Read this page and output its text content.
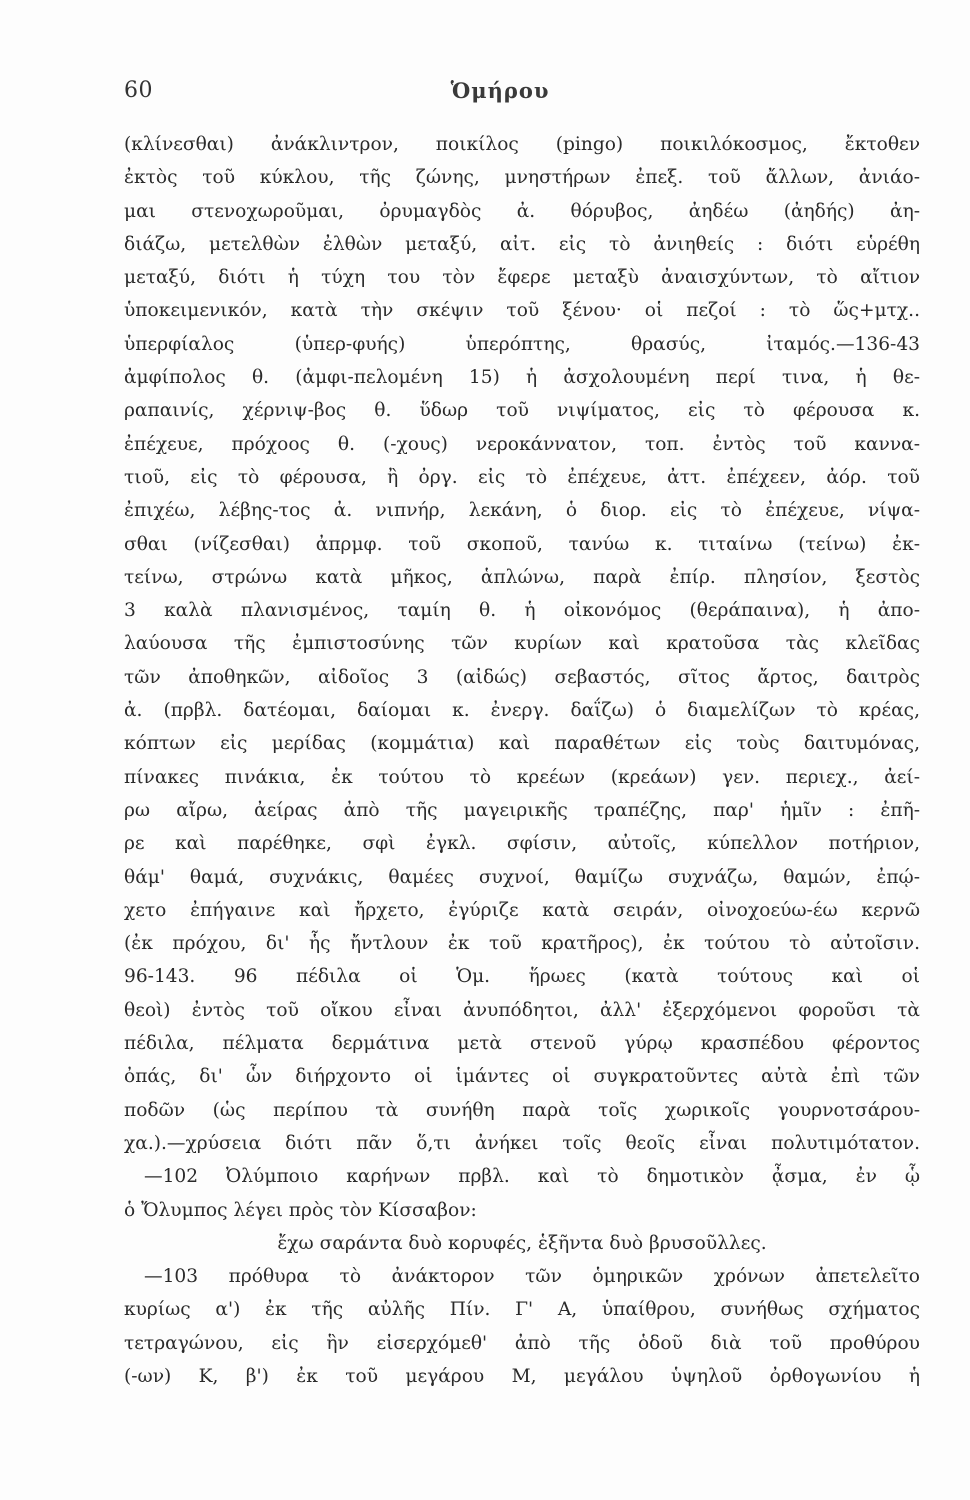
60	Ὁμήρου
(κλίνεσθαι) ἀνάκλιντρον, ποικίλος (pingo) ποικιλόκοσμος, ἔκτοθεν
ἐκτὸς τοῦ κύκλου, τῆς ζώνης, μνηστήρων ἐπεξ. τοῦ ἄλλων, ἀνιάο-
μαι στενοχωροῦμαι, ὀρυμαγδὸς ἀ. θόρυβος, ἀηδέω (ἀηδής) ἀη-
διάζω, μετελθὼν ἐλθὼν μεταξύ, αἰτ. εἰς τὸ ἀνιηθείς : διότι εὑρέθη
μεταξύ, διότι ἡ τύχη του τὸν ἔφερε μεταξὺ ἀναισχύντων, τὸ αἴτιον
ὑποκειμενικόν, κατὰ τὴν σκέψιν τοῦ ξένου· οἱ πεζοί : τὸ ὥς+μτχ..
ὑπερφίαλος (ὑπερ-φυής) ὑπερόπτης, θρασύς, ἰταμός.—136-43
ἀμφίπολος θ. (ἀμφι-πελομένη 15) ἡ ἀσχολουμένη περί τινα, ἡ θε-
ραπαινίς, χέρνιψ-βος θ. ὕδωρ τοῦ νιψίματος, εἰς τὸ φέρουσα κ.
ἐπέχευε, πρόχοος θ. (-χους) νεροκάννατον, τοπ. ἐντὸς τοῦ καννα-
τιοῦ, εἰς τὸ φέρουσα, ἢ ὀργ. εἰς τὸ ἐπέχευε, ἀττ. ἐπέχεεν, ἀόρ. τοῦ
ἐπιχέω, λέβης-τος ἀ. νιπνήρ, λεκάνη, ὁ διορ. εἰς τὸ ἐπέχευε, νίψα-
σθαι (νίζεσθαι) ἀπρμφ. τοῦ σκοποῦ, τανύω κ. τιταίνω (τείνω) ἐκ-
τείνω, στρώνω κατὰ μῆκος, ἁπλώνω, παρὰ ἐπίρ. πλησίον, ξεστὸς
3 καλὰ πλανισμένος, ταμίη θ. ἡ οἰκονόμος (θεράπαινα), ἡ ἀπο-
λαύουσα τῆς ἐμπιστοσύνης τῶν κυρίων καὶ κρατοῦσα τὰς κλεῖδας
τῶν ἀποθηκῶν, αἰδοῖος 3 (αἰδώς) σεβαστός, σῖτος ἄρτος, δαιτρὸς
ἀ. (πρβλ. δατέομαι, δαίομαι κ. ἐνεργ. δαΐζω) ὁ διαμελίζων τὸ κρέας,
κόπτων εἰς μερίδας (κομμάτια) καὶ παραθέτων εἰς τοὺς δαιτυμόνας,
πίνακες πινάκια, ἐκ τούτου τὸ κρεέων (κρεάων) γεν. περιεχ., ἀεί-
ρω αἴρω, ἀείρας ἀπὸ τῆς μαγειρικῆς τραπέζης, παρ' ἡμῖν : ἐπῆ-
ρε καὶ παρέθηκε, σφὶ ἐγκλ. σφίσιν, αὐτοῖς, κύπελλον ποτήριον,
θάμ' θαμά, συχνάκις, θαμέες συχνοί, θαμίζω συχνάζω, θαμών, ἐπῴ-
χετο ἐπήγαινε καὶ ἤρχετο, ἐγύριζε κατὰ σειράν, οἰνοχοεύω-έω κερνῶ
(ἐκ πρόχου, δι' ἧς ἤντλουν ἐκ τοῦ κρατῆρος), ἐκ τούτου τὸ αὐτοῖσιν.
96-143. 96 πέδιλα οἱ Ὁμ. ἥρωες (κατὰ τούτους καὶ οἱ
θεοὶ) ἐντὸς τοῦ οἴκου εἶναι ἀνυπόδητοι, ἀλλ' ἐξερχόμενοι φοροῦσι τὰ
πέδιλα, πέλματα δερμάτινα μετὰ στενοῦ γύρῳ κρασπέδου φέροντος
ὀπάς, δι' ὧν διήρχοντο οἱ ἱμάντες οἱ συγκρατοῦντες αὐτὰ ἐπὶ τῶν
ποδῶν (ὡς περίπου τὰ συνήθη παρὰ τοῖς χωρικοῖς γουρνοτσάρου-
χα.).—χρύσεια διότι πᾶν ὅ,τι ἀνήκει τοῖς θεοῖς εἶναι πολυτιμότατον.
—102 Ὀλύμποιο καρήνων πρβλ. καὶ τὸ δημοτικὸν ᾆσμα, ἐν ᾧ
ὁ Ὄλυμπος λέγει πρὸς τὸν Κίσσαβον:
ἔχω σαράντα δυὸ κορυφές, ἑξῆντα δυὸ βρυσοῦλλες.
—103 πρόθυρα τὸ ἀνάκτορον τῶν ὁμηρικῶν χρόνων ἀπετελεῖτο
κυρίως α') ἐκ τῆς αὐλῆς Πίν. Γ' Α, ὑπαίθρου, συνήθως σχήματος
τετραγώνου, εἰς ἣν εἰσερχόμεθ' ἀπὸ τῆς ὁδοῦ διὰ τοῦ προθύρου
(-ων) Κ, β') ἐκ τοῦ μεγάρου Μ, μεγάλου ὑψηλοῦ ὀρθογωνίου ἡ
